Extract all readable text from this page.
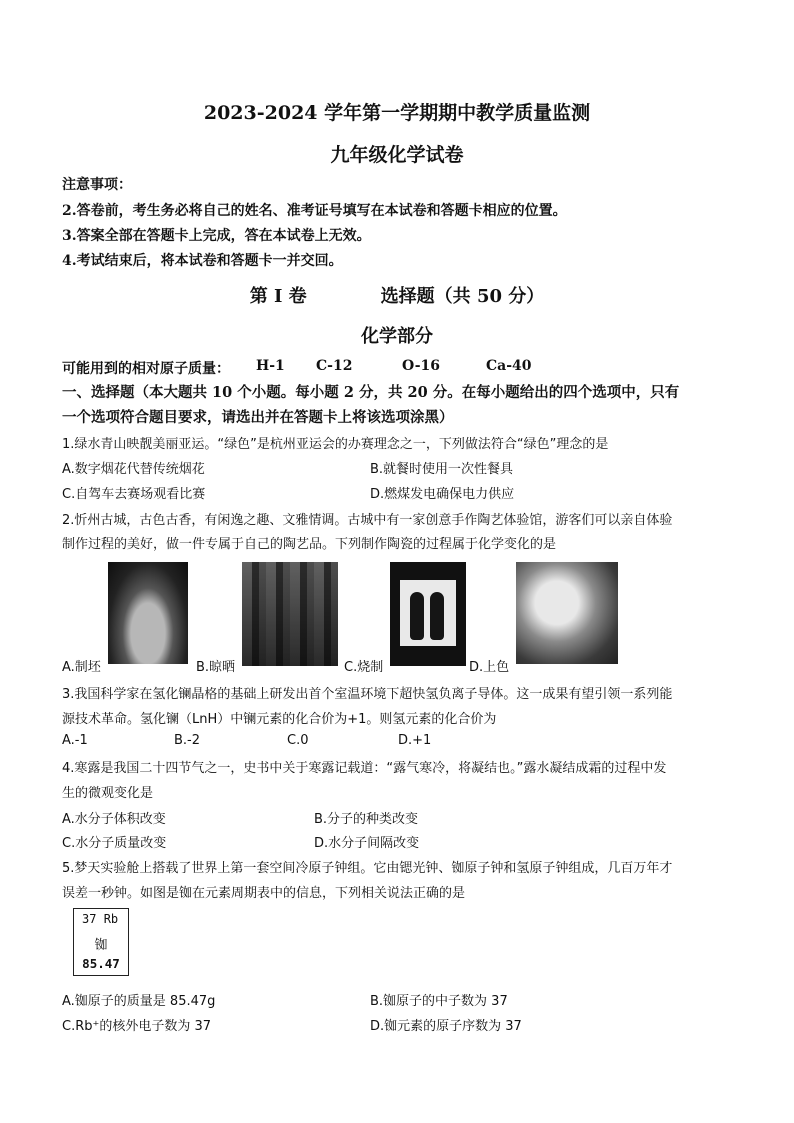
2023-2024 学年第一学期期中教学质量监测
九年级化学试卷
注意事项：
2.答卷前，考生务必将自己的姓名、准考证号填写在本试卷和答题卡相应的位置。
3.答案全部在答题卡上完成，答在本试卷上无效。
4.考试结束后，将本试卷和答题卡一并交回。
第 I 卷	选择题（共 50 分）
化学部分
可能用到的相对原子质量： H-1 C-12	O-16	Ca-40
一、选择题（本大题共 10 个小题。每小题 2 分，共 20 分。在每小题给出的四个选项中，只有
一个选项符合题目要求，请选出并在答题卡上将该选项涂黑）
1.绿水青山映靓美丽亚运。“绿色”是杭州亚运会的办赛理念之一，下列做法符合“绿色”理念的是
A.数字烟花代替传统烟花	B.就餐时使用一次性餐具
C.自驾车去赛场观看比赛	D.燃煤发电确保电力供应
2.忻州古城，古色古香，有闲逸之趣、文雅情调。古城中有一家创意手作陶艺体验馆，游客们可以亲自体验
制作过程的美好，做一件专属于自己的陶艺品。下列制作陶瓷的过程属于化学变化的是
A.制坯	B.晾晒	C.烧制	D.上色
3.我国科学家在氢化镧晶格的基础上研发出首个室温环境下超快氢负离子导体。这一成果有望引领一系列能
源技术革命。氢化镧（LnH）中镧元素的化合价为+1。则氢元素的化合价为
A.-1	B.-2	C.0	D.+1
4.寒露是我国二十四节气之一，史书中关于寒露记载道：“露气寒冷，将凝结也。”露水凝结成霜的过程中发
生的微观变化是
A.水分子体积改变	B.分子的种类改变
C.水分子质量改变	D.水分子间隔改变
5.梦天实验舱上搭载了世界上第一套空间冷原子钟组。它由锶光钟、铷原子钟和氢原子钟组成，几百万年才
误差一秒钟。如图是铷在元素周期表中的信息，下列相关说法正确的是
37 Rb
铷
85.47
A.铷原子的质量是 85.47g	B.铷原子的中子数为 37
C.Rb⁺的核外电子数为 37	D.铷元素的原子序数为 37
